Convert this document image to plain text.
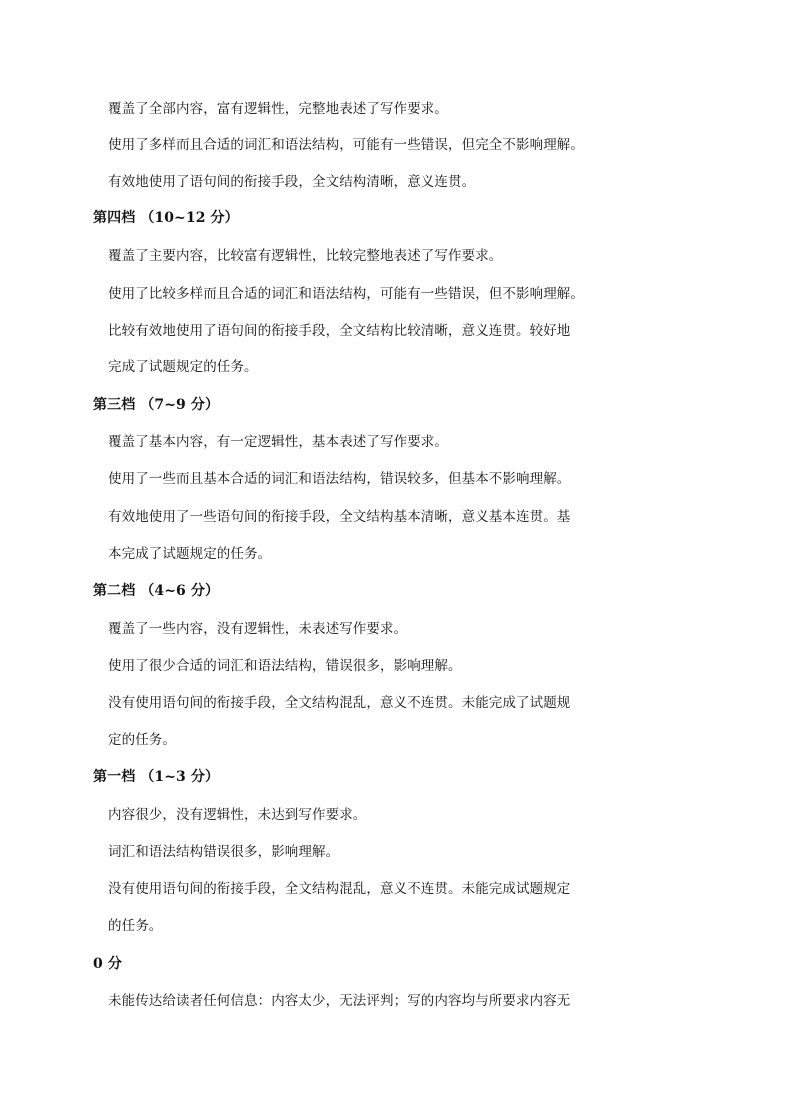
覆盖了全部内容，富有逻辑性，完整地表述了写作要求。
使用了多样而且合适的词汇和语法结构，可能有一些错误，但完全不影响理解。
有效地使用了语句间的衔接手段，全文结构清晰，意义连贯。
第四档 （10~12 分）
覆盖了主要内容，比较富有逻辑性，比较完整地表述了写作要求。
使用了比较多样而且合适的词汇和语法结构，可能有一些错误，但不影响理解。
比较有效地使用了语句间的衔接手段，全文结构比较清晰，意义连贯。较好地
完成了试题规定的任务。
第三档 （7~9 分）
覆盖了基本内容，有一定逻辑性，基本表述了写作要求。
使用了一些而且基本合适的词汇和语法结构，错误较多，但基本不影响理解。
有效地使用了一些语句间的衔接手段，全文结构基本清晰，意义基本连贯。基
本完成了试题规定的任务。
第二档 （4~6 分）
覆盖了一些内容，没有逻辑性，未表述写作要求。
使用了很少合适的词汇和语法结构，错误很多，影响理解。
没有使用语句间的衔接手段，全文结构混乱，意义不连贯。未能完成了试题规
定的任务。
第一档 （1~3 分）
内容很少，没有逻辑性，未达到写作要求。
词汇和语法结构错误很多，影响理解。
没有使用语句间的衔接手段，全文结构混乱，意义不连贯。未能完成试题规定
的任务。
0 分
未能传达给读者任何信息：内容太少，无法评判；写的内容均与所要求内容无
